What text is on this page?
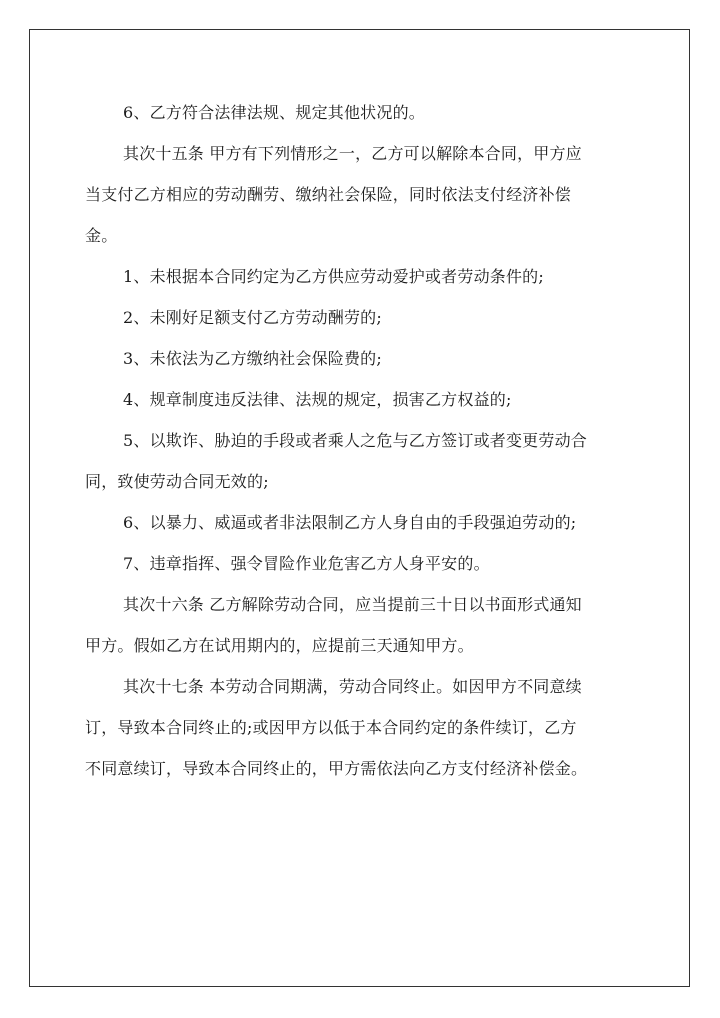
6、乙方符合法律法规、规定其他状况的。

其次十五条 甲方有下列情形之一，乙方可以解除本合同，甲方应

当支付乙方相应的劳动酬劳、缴纳社会保险，同时依法支付经济补偿

金。

1、未根据本合同约定为乙方供应劳动爱护或者劳动条件的;

2、未刚好足额支付乙方劳动酬劳的;

3、未依法为乙方缴纳社会保险费的;

4、规章制度违反法律、法规的规定，损害乙方权益的;

5、以欺诈、胁迫的手段或者乘人之危与乙方签订或者变更劳动合

同，致使劳动合同无效的;

6、以暴力、威逼或者非法限制乙方人身自由的手段强迫劳动的;

7、违章指挥、强令冒险作业危害乙方人身平安的。

其次十六条 乙方解除劳动合同，应当提前三十日以书面形式通知

甲方。假如乙方在试用期内的，应提前三天通知甲方。

其次十七条 本劳动合同期满，劳动合同终止。如因甲方不同意续

订，导致本合同终止的;或因甲方以低于本合同约定的条件续订，乙方

不同意续订，导致本合同终止的，甲方需依法向乙方支付经济补偿金。
